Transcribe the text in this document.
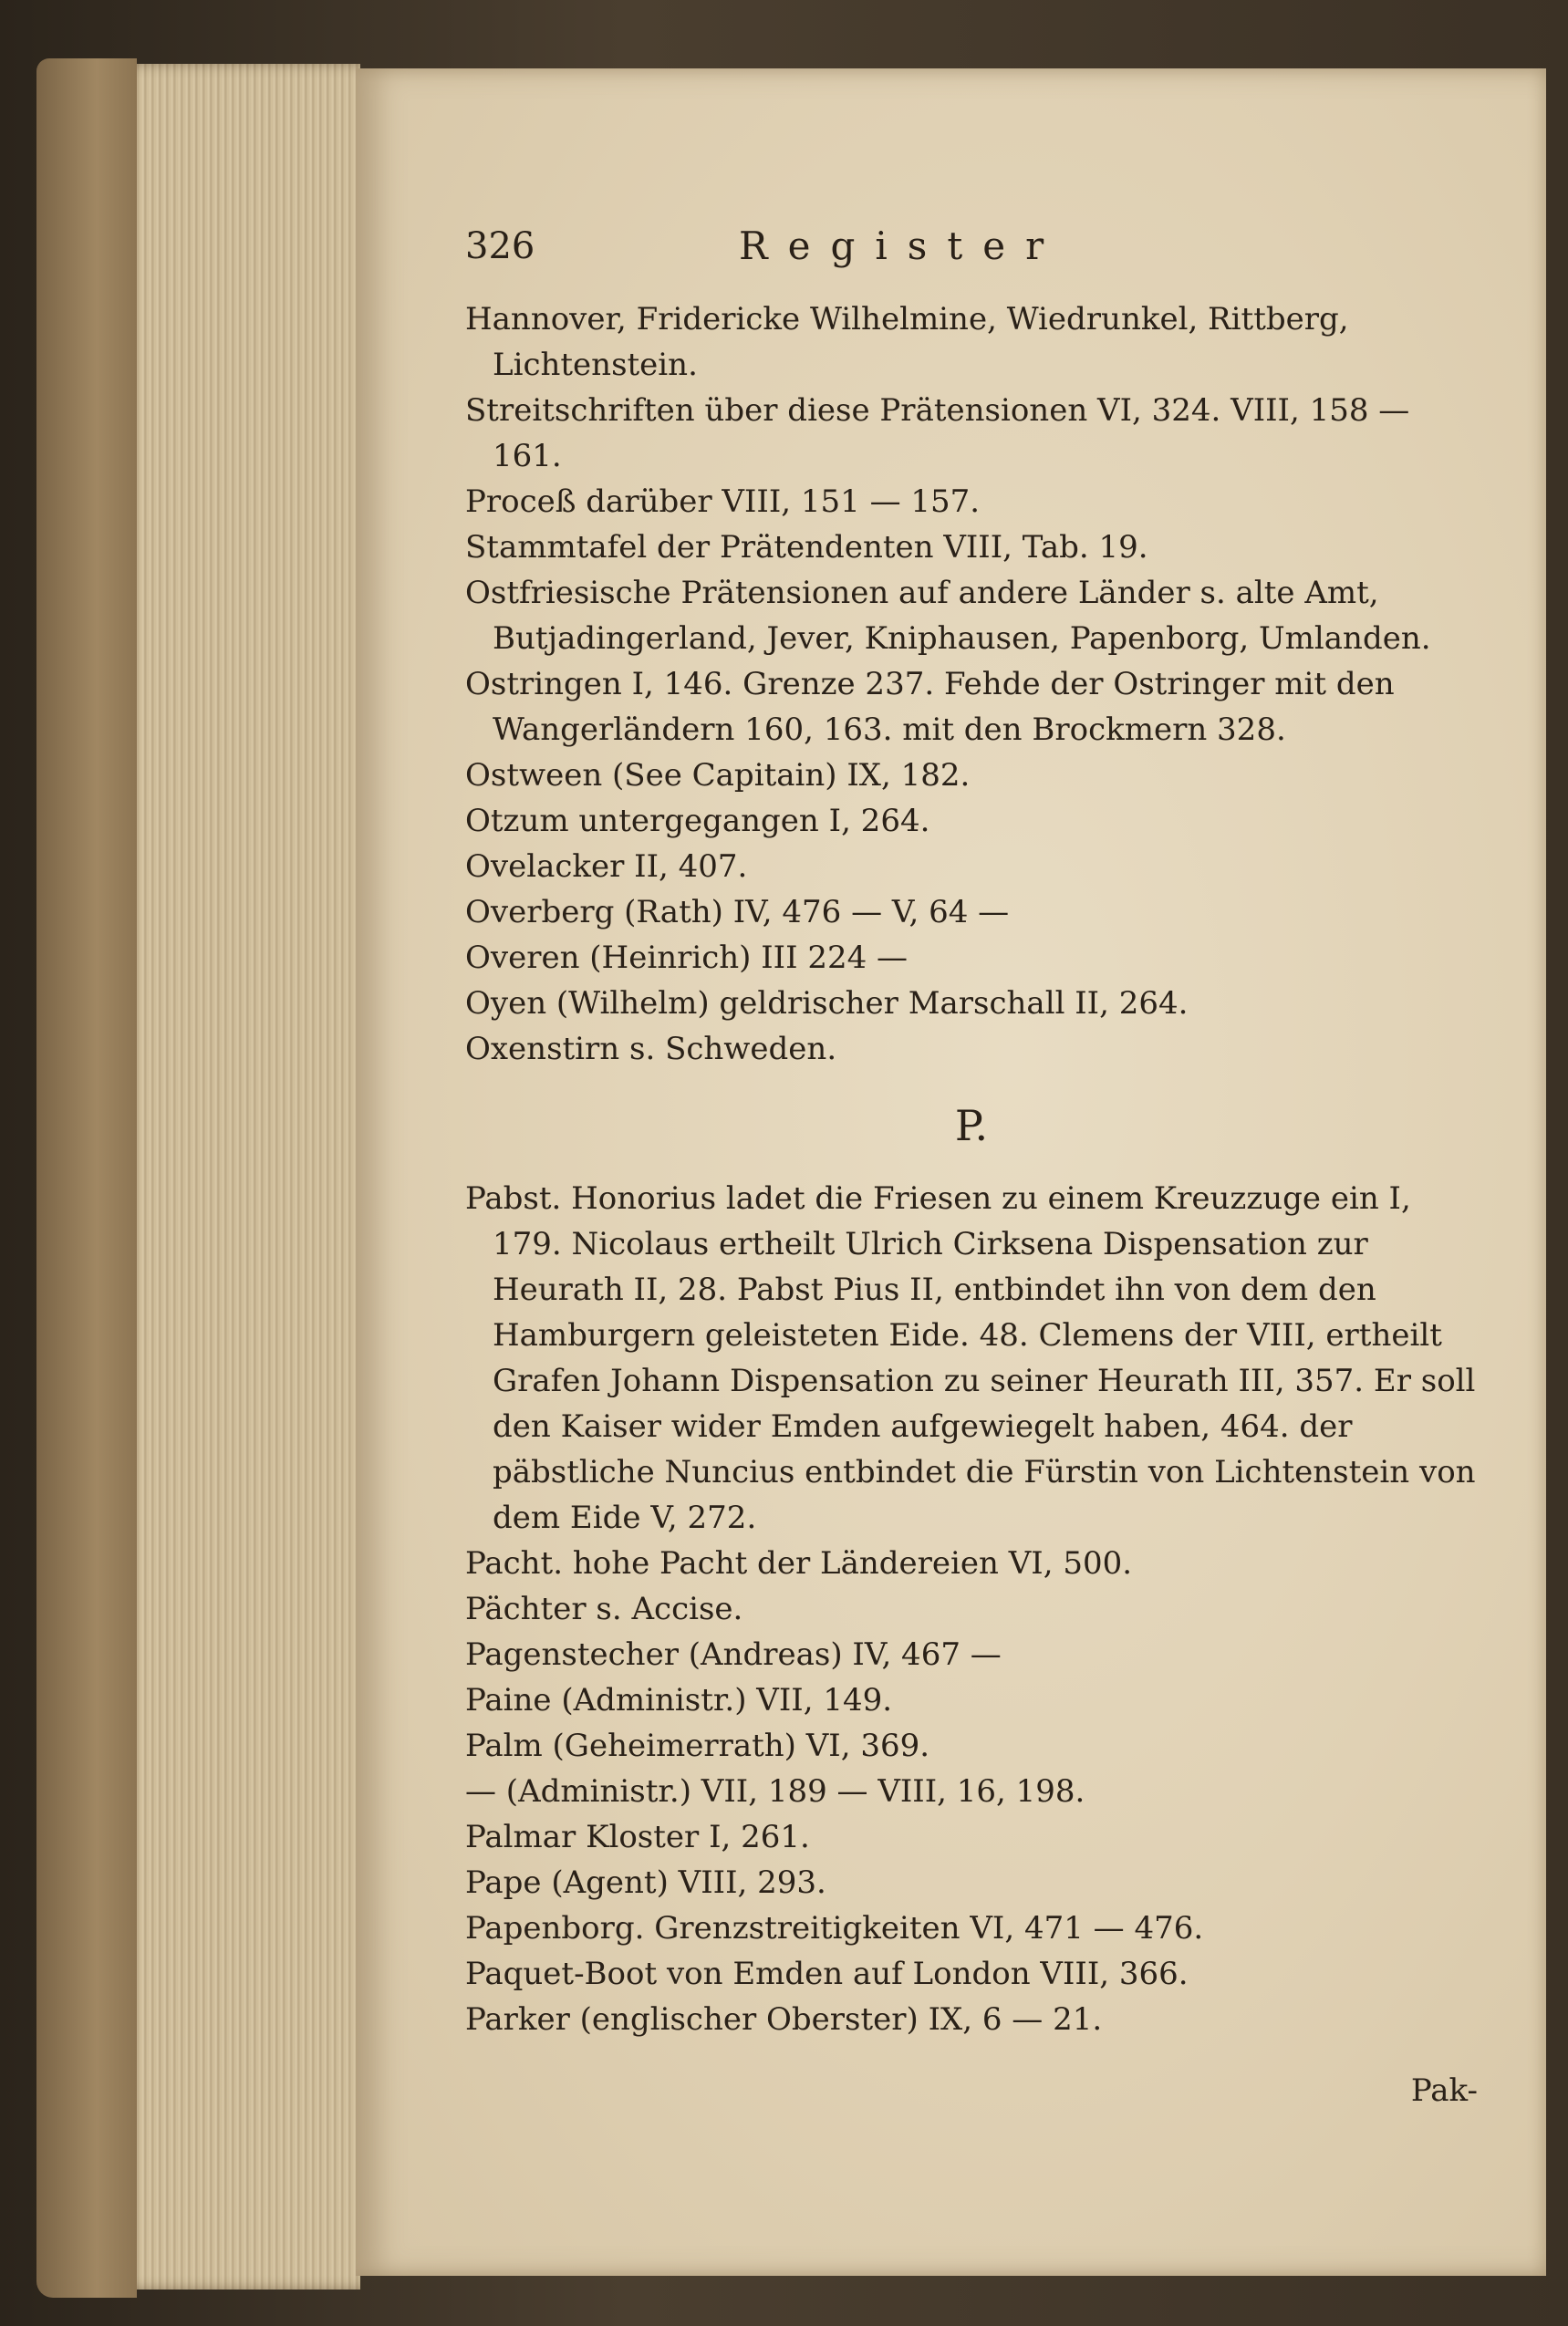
326	Register

Hannover, Fridericke Wilhelmine, Wiedrunkel, Rittberg, Lichtenstein.

Streitschriften über diese Prätensionen VI, 324. VIII, 158 — 161.

Proceß darüber VIII, 151 — 157.

Stammtafel der Prätendenten VIII, Tab. 19.

Ostfriesische Prätensionen auf andere Länder s. alte Amt, Butjadingerland, Jever, Kniphausen, Papenborg, Umlanden.

Ostringen I, 146. Grenze 237. Fehde der Ostringer mit den Wangerländern 160, 163. mit den Brockmern 328.

Ostween (See Capitain) IX, 182.

Otzum untergegangen I, 264.

Ovelacker II, 407.

Overberg (Rath) IV, 476 — V, 64 —

Overen (Heinrich) III 224 —

Oyen (Wilhelm) geldrischer Marschall II, 264.

Oxenstirn s. Schweden.

P.

Pabst. Honorius ladet die Friesen zu einem Kreuzzuge ein I, 179. Nicolaus ertheilt Ulrich Cirksena Dispensation zur Heurath II, 28. Pabst Pius II, entbindet ihn von dem den Hamburgern geleisteten Eide. 48. Clemens der VIII, ertheilt Grafen Johann Dispensation zu seiner Heurath III, 357. Er soll den Kaiser wider Emden aufgewiegelt haben, 464. der päbstliche Nuncius entbindet die Fürstin von Lichtenstein von dem Eide V, 272.

Pacht. hohe Pacht der Ländereien VI, 500.

Pächter s. Accise.

Pagenstecher (Andreas) IV, 467 —

Paine (Administr.) VII, 149.

Palm (Geheimerrath) VI, 369.

— (Administr.) VII, 189 — VIII, 16, 198.

Palmar Kloster I, 261.

Pape (Agent) VIII, 293.

Papenborg. Grenzstreitigkeiten VI, 471 — 476.

Paquet-Boot von Emden auf London VIII, 366.

Parker (englischer Oberster) IX, 6 — 21.

Pak-
